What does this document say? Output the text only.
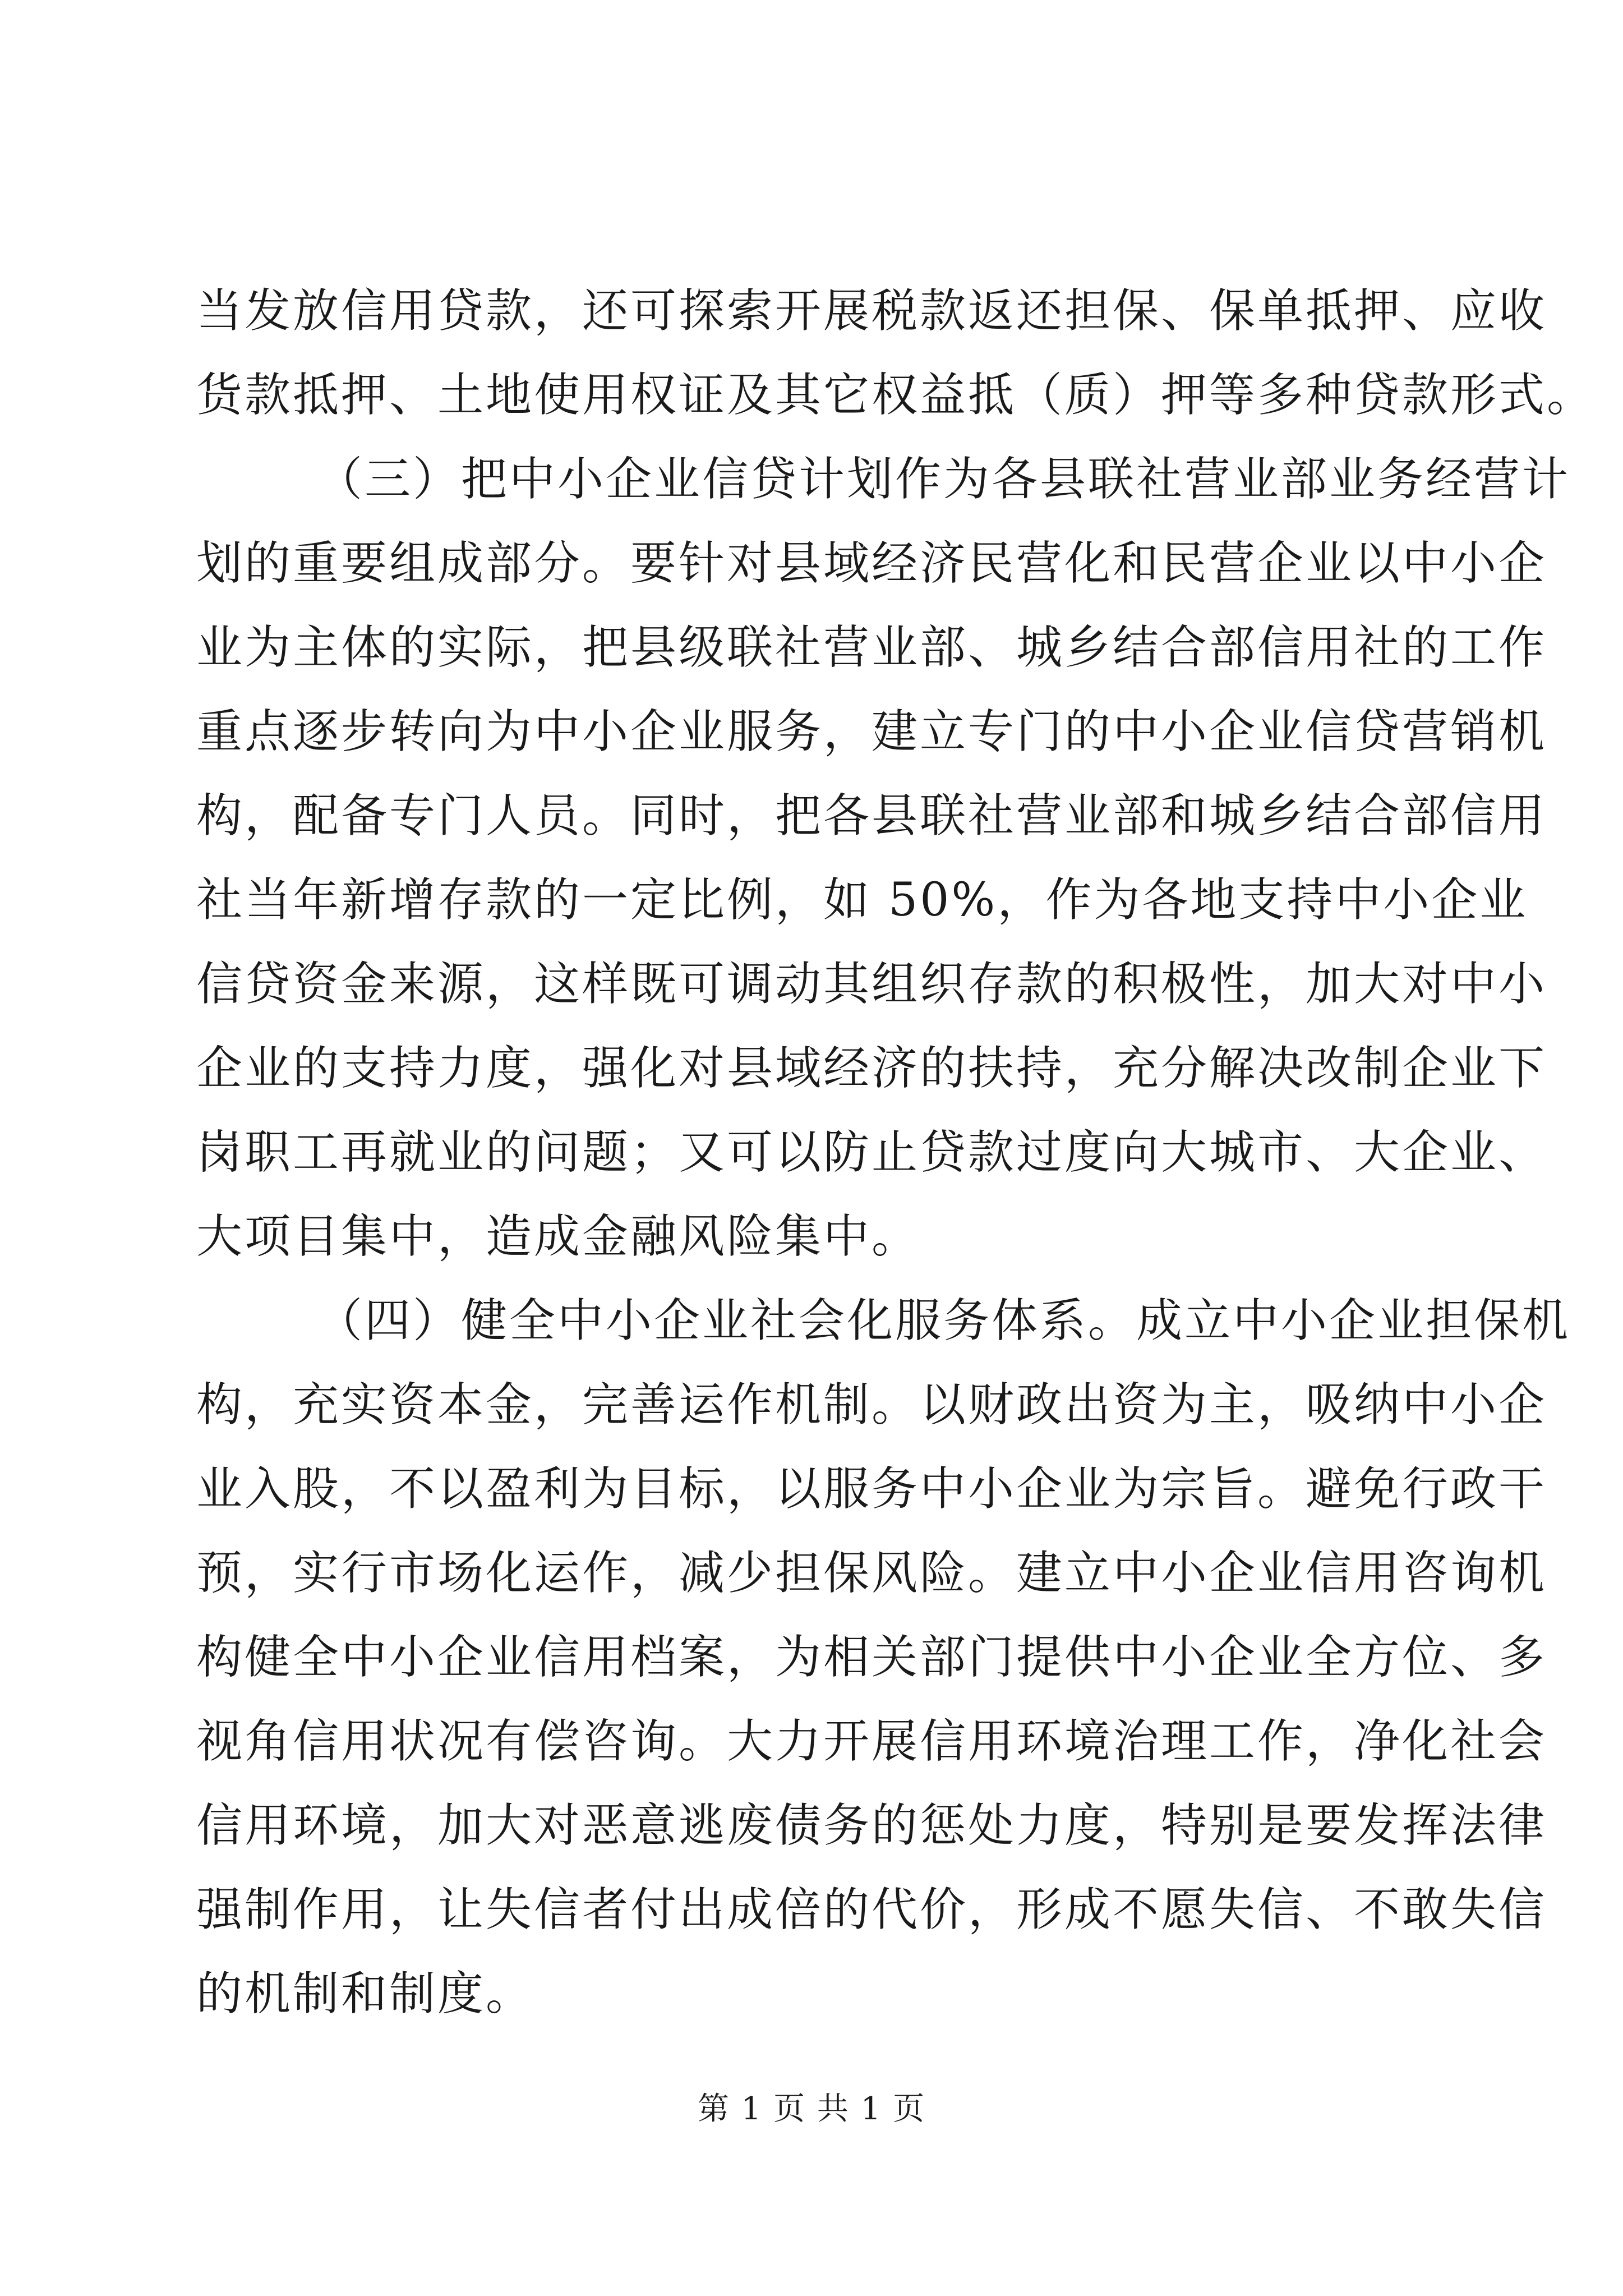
当发放信用贷款，还可探索开展税款返还担保、保单抵押、应收
货款抵押、土地使用权证及其它权益抵（质）押等多种贷款形式。
（三）把中小企业信贷计划作为各县联社营业部业务经营计
划的重要组成部分。要针对县域经济民营化和民营企业以中小企
业为主体的实际，把县级联社营业部、城乡结合部信用社的工作
重点逐步转向为中小企业服务，建立专门的中小企业信贷营销机
构，配备专门人员。同时，把各县联社营业部和城乡结合部信用
社当年新增存款的一定比例，如 50%，作为各地支持中小企业
信贷资金来源，这样既可调动其组织存款的积极性，加大对中小
企业的支持力度，强化对县域经济的扶持，充分解决改制企业下
岗职工再就业的问题；又可以防止贷款过度向大城市、大企业、
大项目集中，造成金融风险集中。
（四）健全中小企业社会化服务体系。成立中小企业担保机
构，充实资本金，完善运作机制。以财政出资为主，吸纳中小企
业入股，不以盈利为目标，以服务中小企业为宗旨。避免行政干
预，实行市场化运作，减少担保风险。建立中小企业信用咨询机
构健全中小企业信用档案，为相关部门提供中小企业全方位、多
视角信用状况有偿咨询。大力开展信用环境治理工作，净化社会
信用环境，加大对恶意逃废债务的惩处力度，特别是要发挥法律
强制作用，让失信者付出成倍的代价，形成不愿失信、不敢失信
的机制和制度。
第 1 页 共 1 页
